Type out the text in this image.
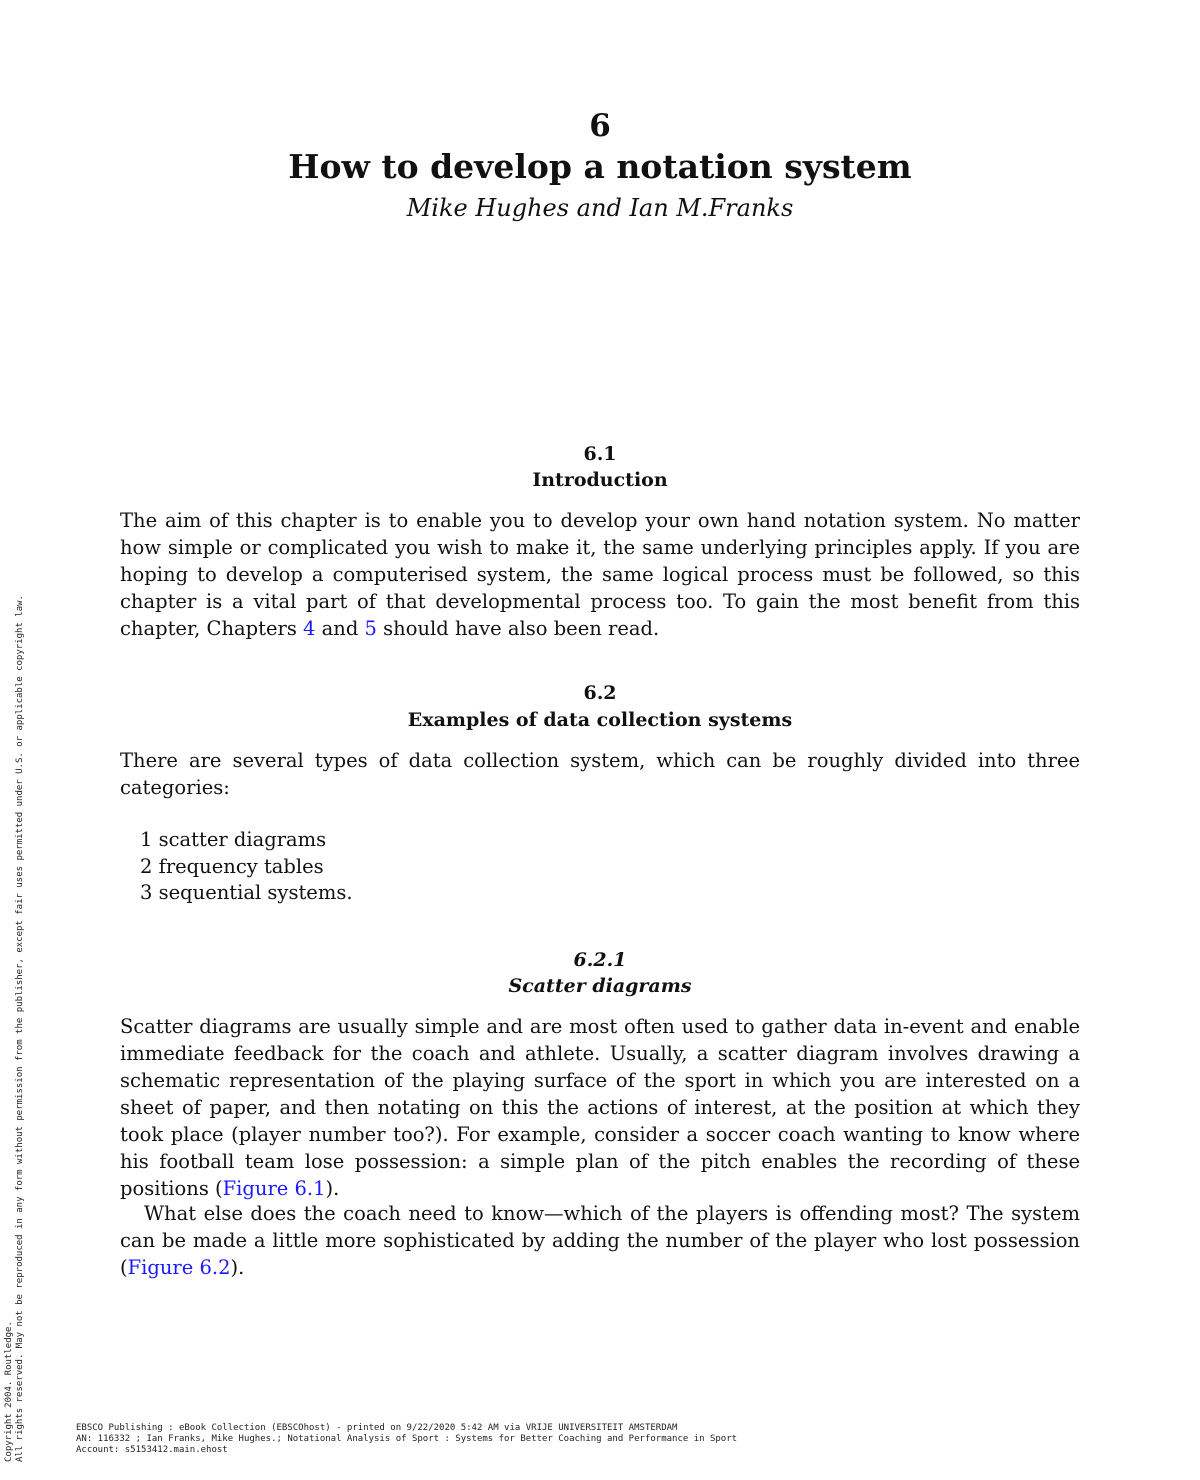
Copyright 2004. Routledge. All rights reserved. May not be reproduced in any form without permission from the publisher, except fair uses permitted under U.S. or applicable copyright law.
6
How to develop a notation system
Mike Hughes and Ian M.Franks
6.1
Introduction
The aim of this chapter is to enable you to develop your own hand notation system. No matter how simple or complicated you wish to make it, the same underlying principles apply. If you are hoping to develop a computerised system, the same logical process must be followed, so this chapter is a vital part of that developmental process too. To gain the most benefit from this chapter, Chapters 4 and 5 should have also been read.
6.2
Examples of data collection systems
There are several types of data collection system, which can be roughly divided into three categories:
1 scatter diagrams
2 frequency tables
3 sequential systems.
6.2.1
Scatter diagrams
Scatter diagrams are usually simple and are most often used to gather data in-event and enable immediate feedback for the coach and athlete. Usually, a scatter diagram involves drawing a schematic representation of the playing surface of the sport in which you are interested on a sheet of paper, and then notating on this the actions of interest, at the position at which they took place (player number too?). For example, consider a soccer coach wanting to know where his football team lose possession: a simple plan of the pitch enables the recording of these positions (Figure 6.1).
What else does the coach need to know—which of the players is offending most? The system can be made a little more sophisticated by adding the number of the player who lost possession (Figure 6.2).
EBSCO Publishing : eBook Collection (EBSCOhost) - printed on 9/22/2020 5:42 AM via VRIJE UNIVERSITEIT AMSTERDAM
AN: 116332 ; Ian Franks, Mike Hughes.; Notational Analysis of Sport : Systems for Better Coaching and Performance in Sport
Account: s5153412.main.ehost
